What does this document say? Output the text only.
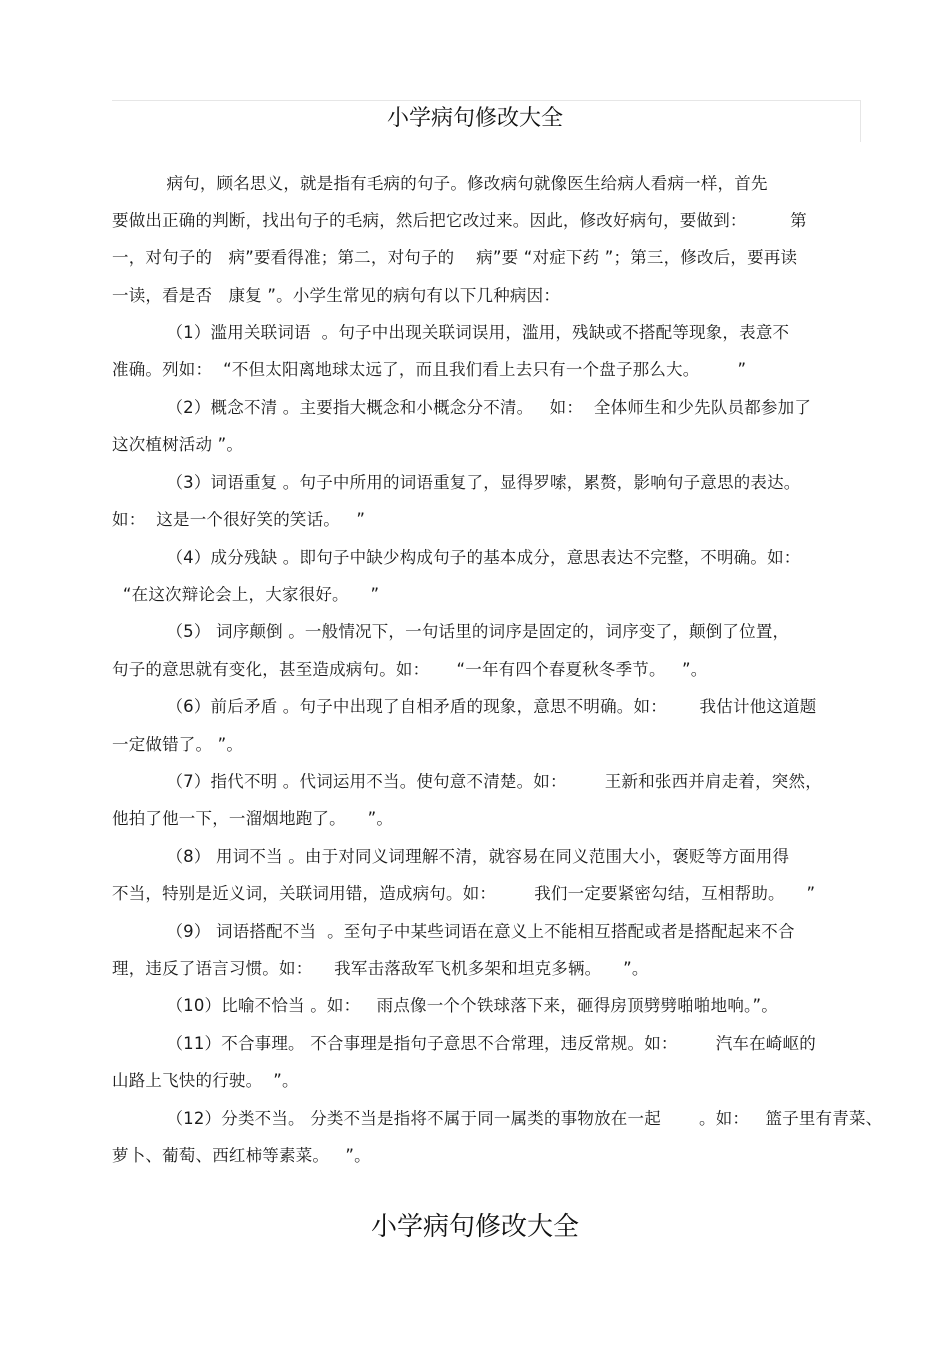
小学病句修改大全
病句，顾名思义，就是指有毛病的句子。修改病句就像医生给病人看病一样，首先
要做出正确的判断，找出句子的毛病，然后把它改过来。因此，修改好病句，要做到：        第
一，对句子的   病”要看得准；第二，对句子的    病”要 “对症下药 ”；第三，修改后，要再读
一读，看是否   康复 ”。小学生常见的病句有以下几种病因：
（1）滥用关联词语  。句子中出现关联词误用，滥用，残缺或不搭配等现象，表意不
准确。列如：  “不但太阳离地球太远了，而且我们看上去只有一个盘子那么大。       ”
（2）概念不清 。主要指大概念和小概念分不清。   如：  全体师生和少先队员都参加了
这次植树活动 ”。
（3）词语重复 。句子中所用的词语重复了，显得罗嗦，累赘，影响句子意思的表达。
如：  这是一个很好笑的笑话。   ”
（4）成分残缺 。即句子中缺少构成句子的基本成分，意思表达不完整，不明确。如：
“在这次辩论会上，大家很好。    ”
（5） 词序颠倒 。一般情况下，一句话里的词序是固定的，词序变了，颠倒了位置，
句子的意思就有变化，甚至造成病句。如：     “一年有四个春夏秋冬季节。   ”。
（6）前后矛盾 。句子中出现了自相矛盾的现象，意思不明确。如：      我估计他这道题
一定做错了。 ”。
（7）指代不明 。代词运用不当。使句意不清楚。如：       王新和张西并肩走着，突然，
他拍了他一下，一溜烟地跑了。    ”。
（8） 用词不当 。由于对同义词理解不清，就容易在同义范围大小，褒贬等方面用得
不当，特别是近义词，关联词用错，造成病句。如：       我们一定要紧密勾结，互相帮助。    ”
（9） 词语搭配不当  。至句子中某些词语在意义上不能相互搭配或者是搭配起来不合
理，违反了语言习惯。如：    我军击落敌军飞机多架和坦克多辆。    ”。
（10）比喻不恰当 。如：   雨点像一个个铁球落下来，砸得房顶劈劈啪啪地响。”。
（11）不合事理。 不合事理是指句子意思不合常理，违反常规。如：       汽车在崎岖的
山路上飞快的行驶。  ”。
（12）分类不当。 分类不当是指将不属于同一属类的事物放在一起       。如：   篮子里有青菜、
萝卜、葡萄、西红柿等素菜。   ”。
小学病句修改大全
